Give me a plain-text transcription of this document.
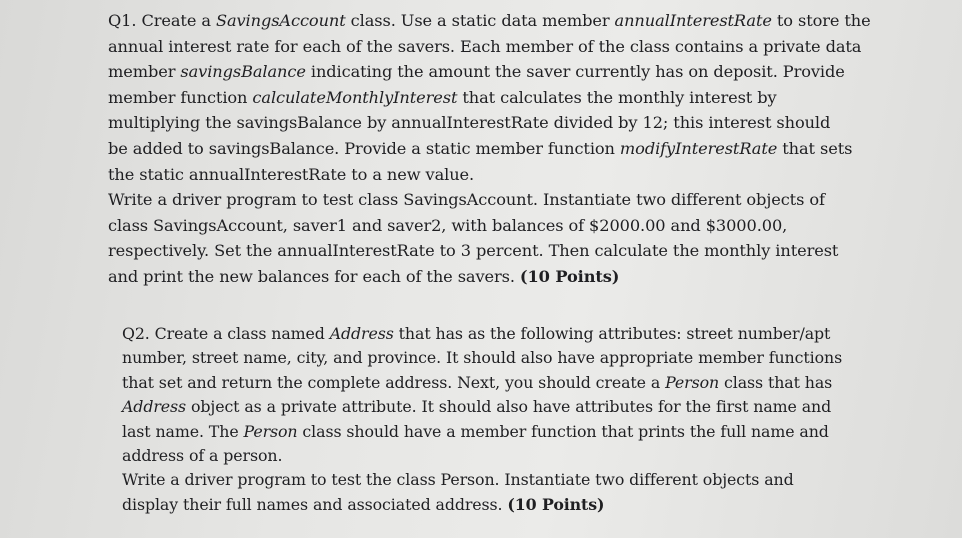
Q1. Create a SavingsAccount class. Use a static data member annualInterestRate to store the
annual interest rate for each of the savers. Each member of the class contains a private data
member savingsBalance indicating the amount the saver currently has on deposit. Provide
member function calculateMonthlyInterest that calculates the monthly interest by
multiplying the savingsBalance by annualInterestRate divided by 12; this interest should
be added to savingsBalance. Provide a static member function modifyInterestRate that sets
the static annualInterestRate to a new value.
Write a driver program to test class SavingsAccount. Instantiate two different objects of
class SavingsAccount, saver1 and saver2, with balances of $2000.00 and $3000.00,
respectively. Set the annualInterestRate to 3 percent. Then calculate the monthly interest
and print the new balances for each of the savers. (10 Points)
Q2. Create a class named Address that has as the following attributes: street number/apt
number, street name, city, and province. It should also have appropriate member functions
that set and return the complete address. Next, you should create a Person class that has
Address object as a private attribute. It should also have attributes for the first name and
last name. The Person class should have a member function that prints the full name and
address of a person.
Write a driver program to test the class Person. Instantiate two different objects and
display their full names and associated address. (10 Points)
